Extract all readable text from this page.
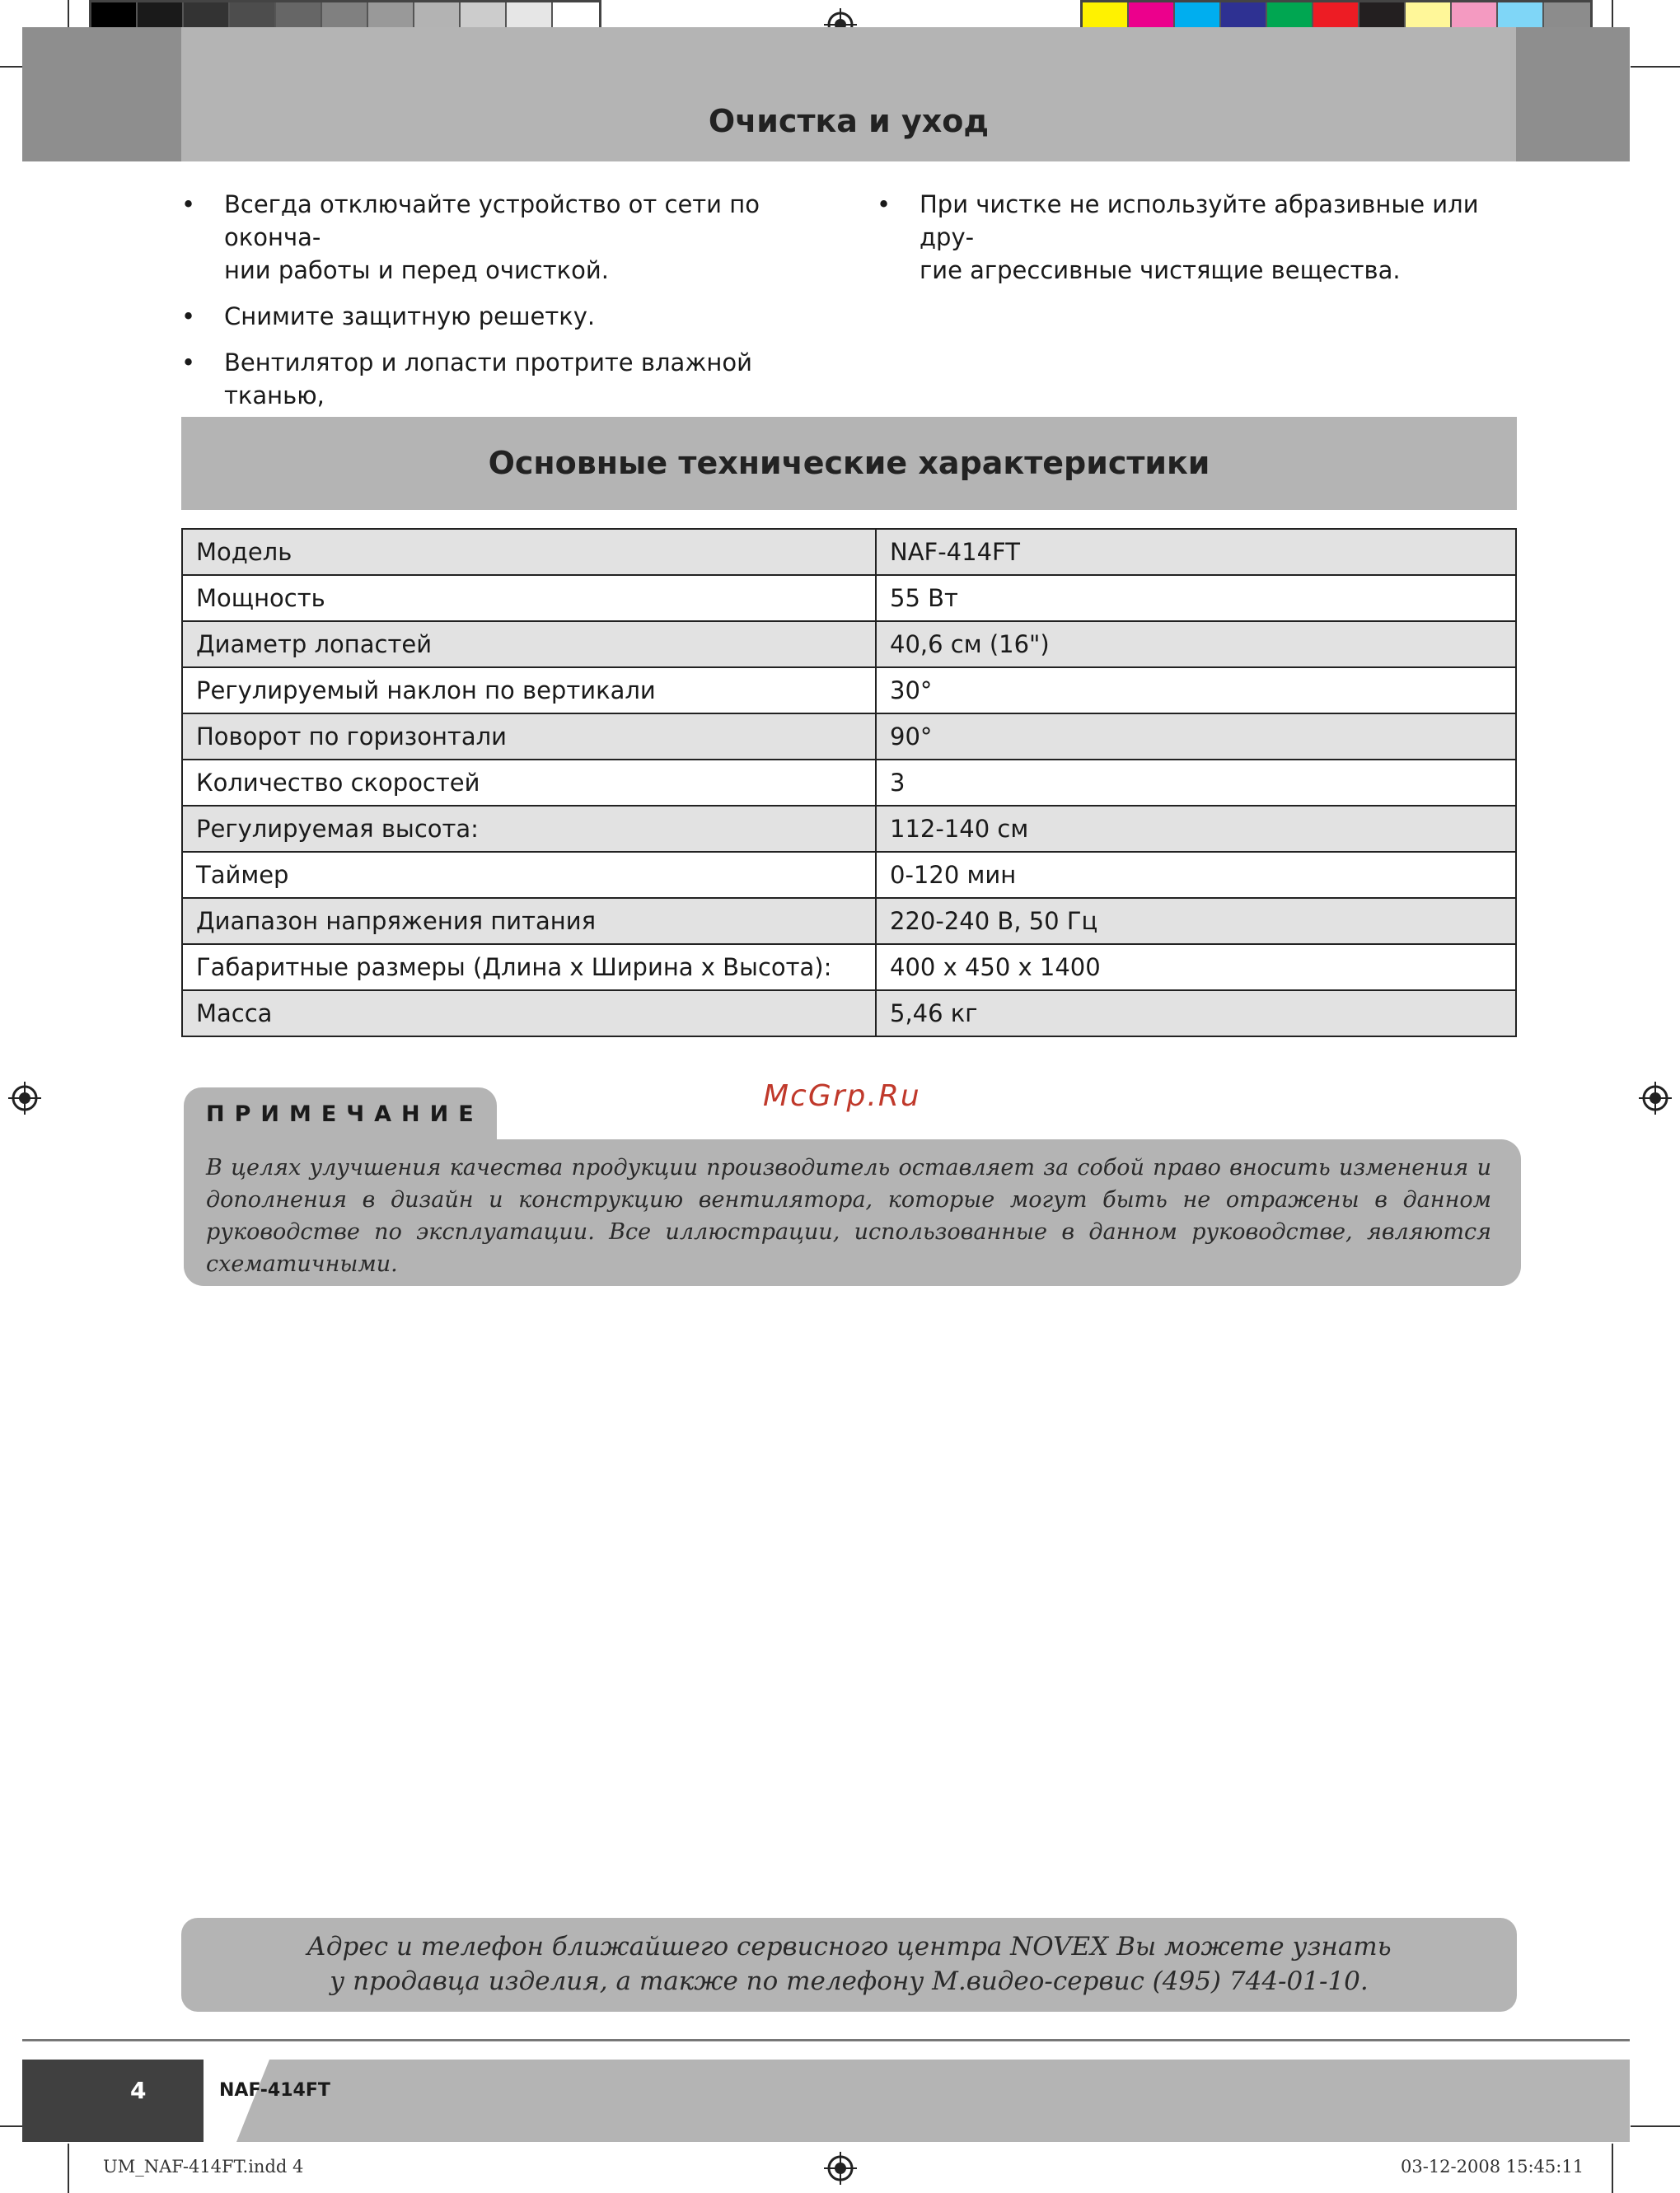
Очистка и уход
• Всегда отключайте устройство от сети по оконча-
нии работы и перед очисткой.
• Снимите защитную решетку.
• Вентилятор и лопасти протрите влажной тканью,

• При чистке не используйте абразивные или дру-
гие агрессивные чистящие вещества.
Основные технические характеристики
Модель	NAF-414FT
Мощность	55 Вт
Диаметр лопастей	40,6 см (16")
Регулируемый наклон по вертикали	30°
Поворот по горизонтали	90°
Количество скоростей	3
Регулируемая высота:	112-140 см
Таймер	0-120 мин
Диапазон напряжения питания	220-240 В, 50 Гц
Габаритные размеры (Длина x Ширина x Высота):	400 x 450 x 1400
Масса	5,46 кг
ПРИМЕЧАНИЕ
В целях улучшения качества продукции производитель оставляет за собой право вносить изменения и дополнения в дизайн и конструкцию вентилятора, которые могут быть не отражены в данном руководстве по эксплуатации. Все иллюстрации, использованные в данном руководстве, являются схематичными.
McGrp.Ru
Адрес и телефон ближайшего сервисного центра NOVEX Вы можете узнать
у продавца изделия, а также по телефону М.видео-сервис (495) 744-01-10.
4	NAF-414FT
UM_NAF-414FT.indd 4	03-12-2008 15:45:11
